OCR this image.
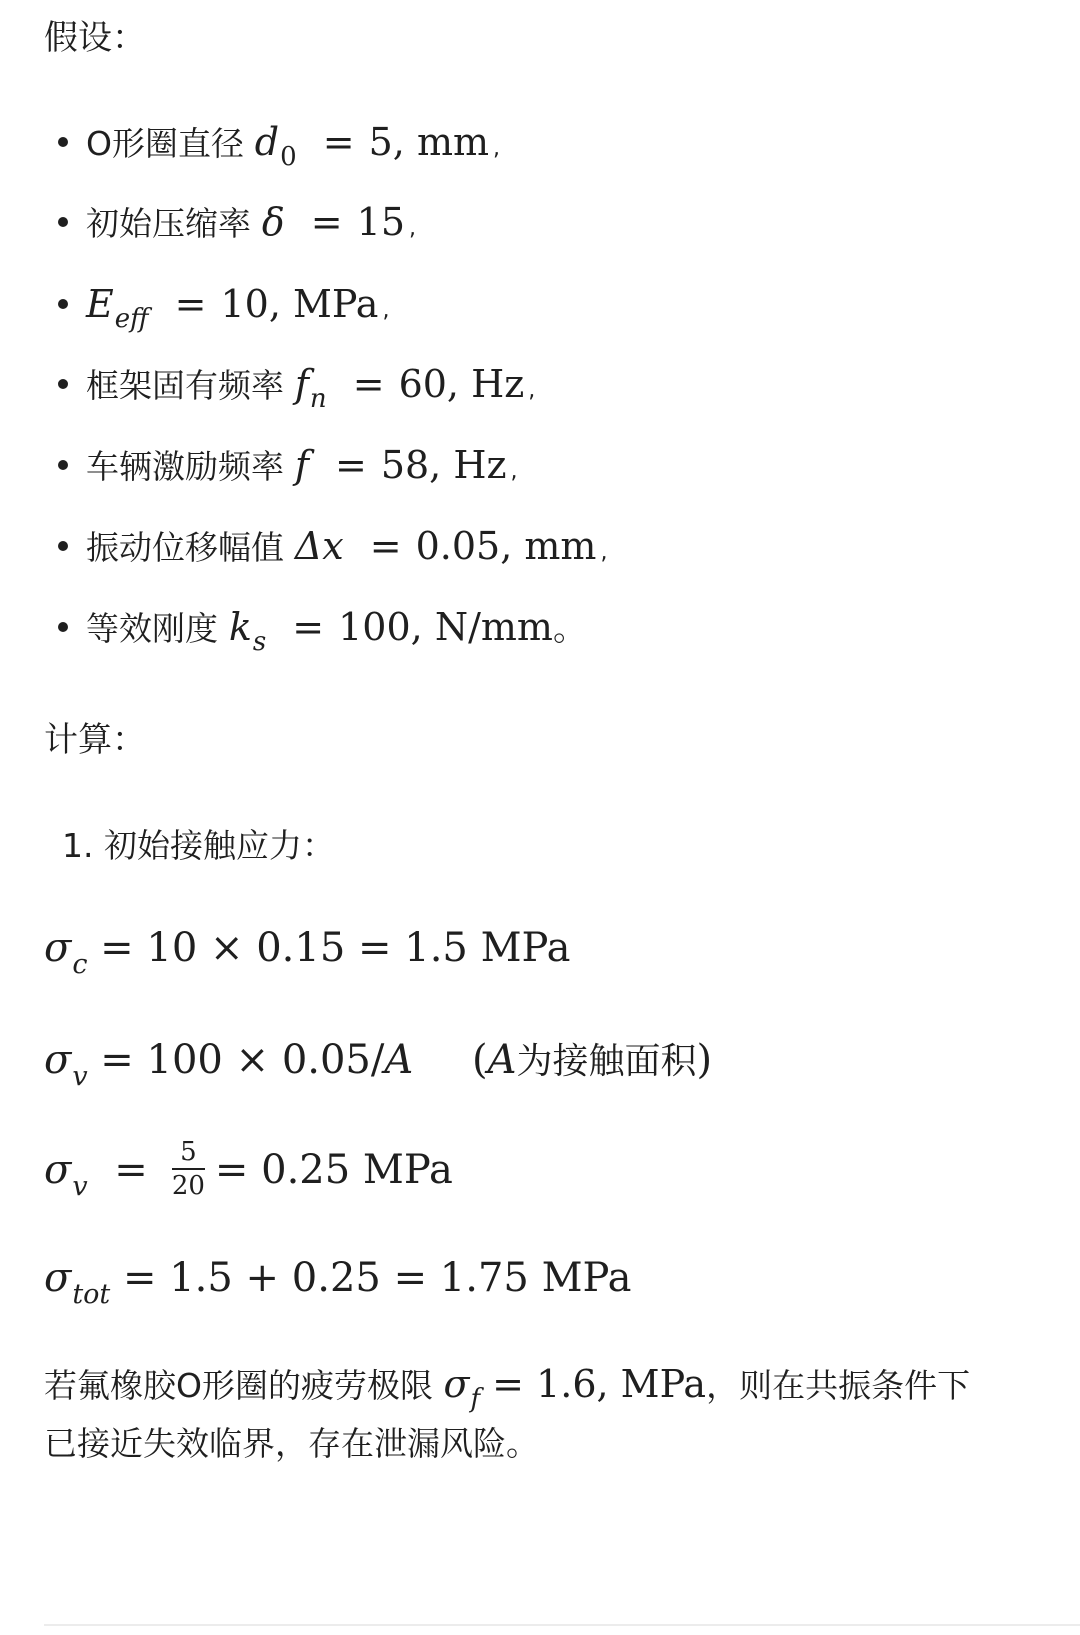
假设：
O形圈直径 $d_0 = 5$, mm ,
初始压缩率 δ = 15 ,
$E_{eff} = 10$, MPa ,
框架固有频率 $f_n = 60$, Hz ,
车辆激励频率 f = 58, Hz ,
振动位移幅值 Δx = 0.05, mm ,
等效刚度 $k_s = 100$, N/mm。
计算：
1. 初始接触应力：
$\sigma_c = 10 \times 0.15 = 1.5$ MPa
$\sigma_v = 100 \times 0.05/A$ (A为接触面积)
$\sigma_v = \frac{5}{20} = 0.25$ MPa
$\sigma_{tot} = 1.5 + 0.25 = 1.75$ MPa
若氟橡胶O形圈的疲劳极限 $\sigma_f = 1.6$, MPa，则在共振条件下
已接近失效临界，存在泄漏风险。
